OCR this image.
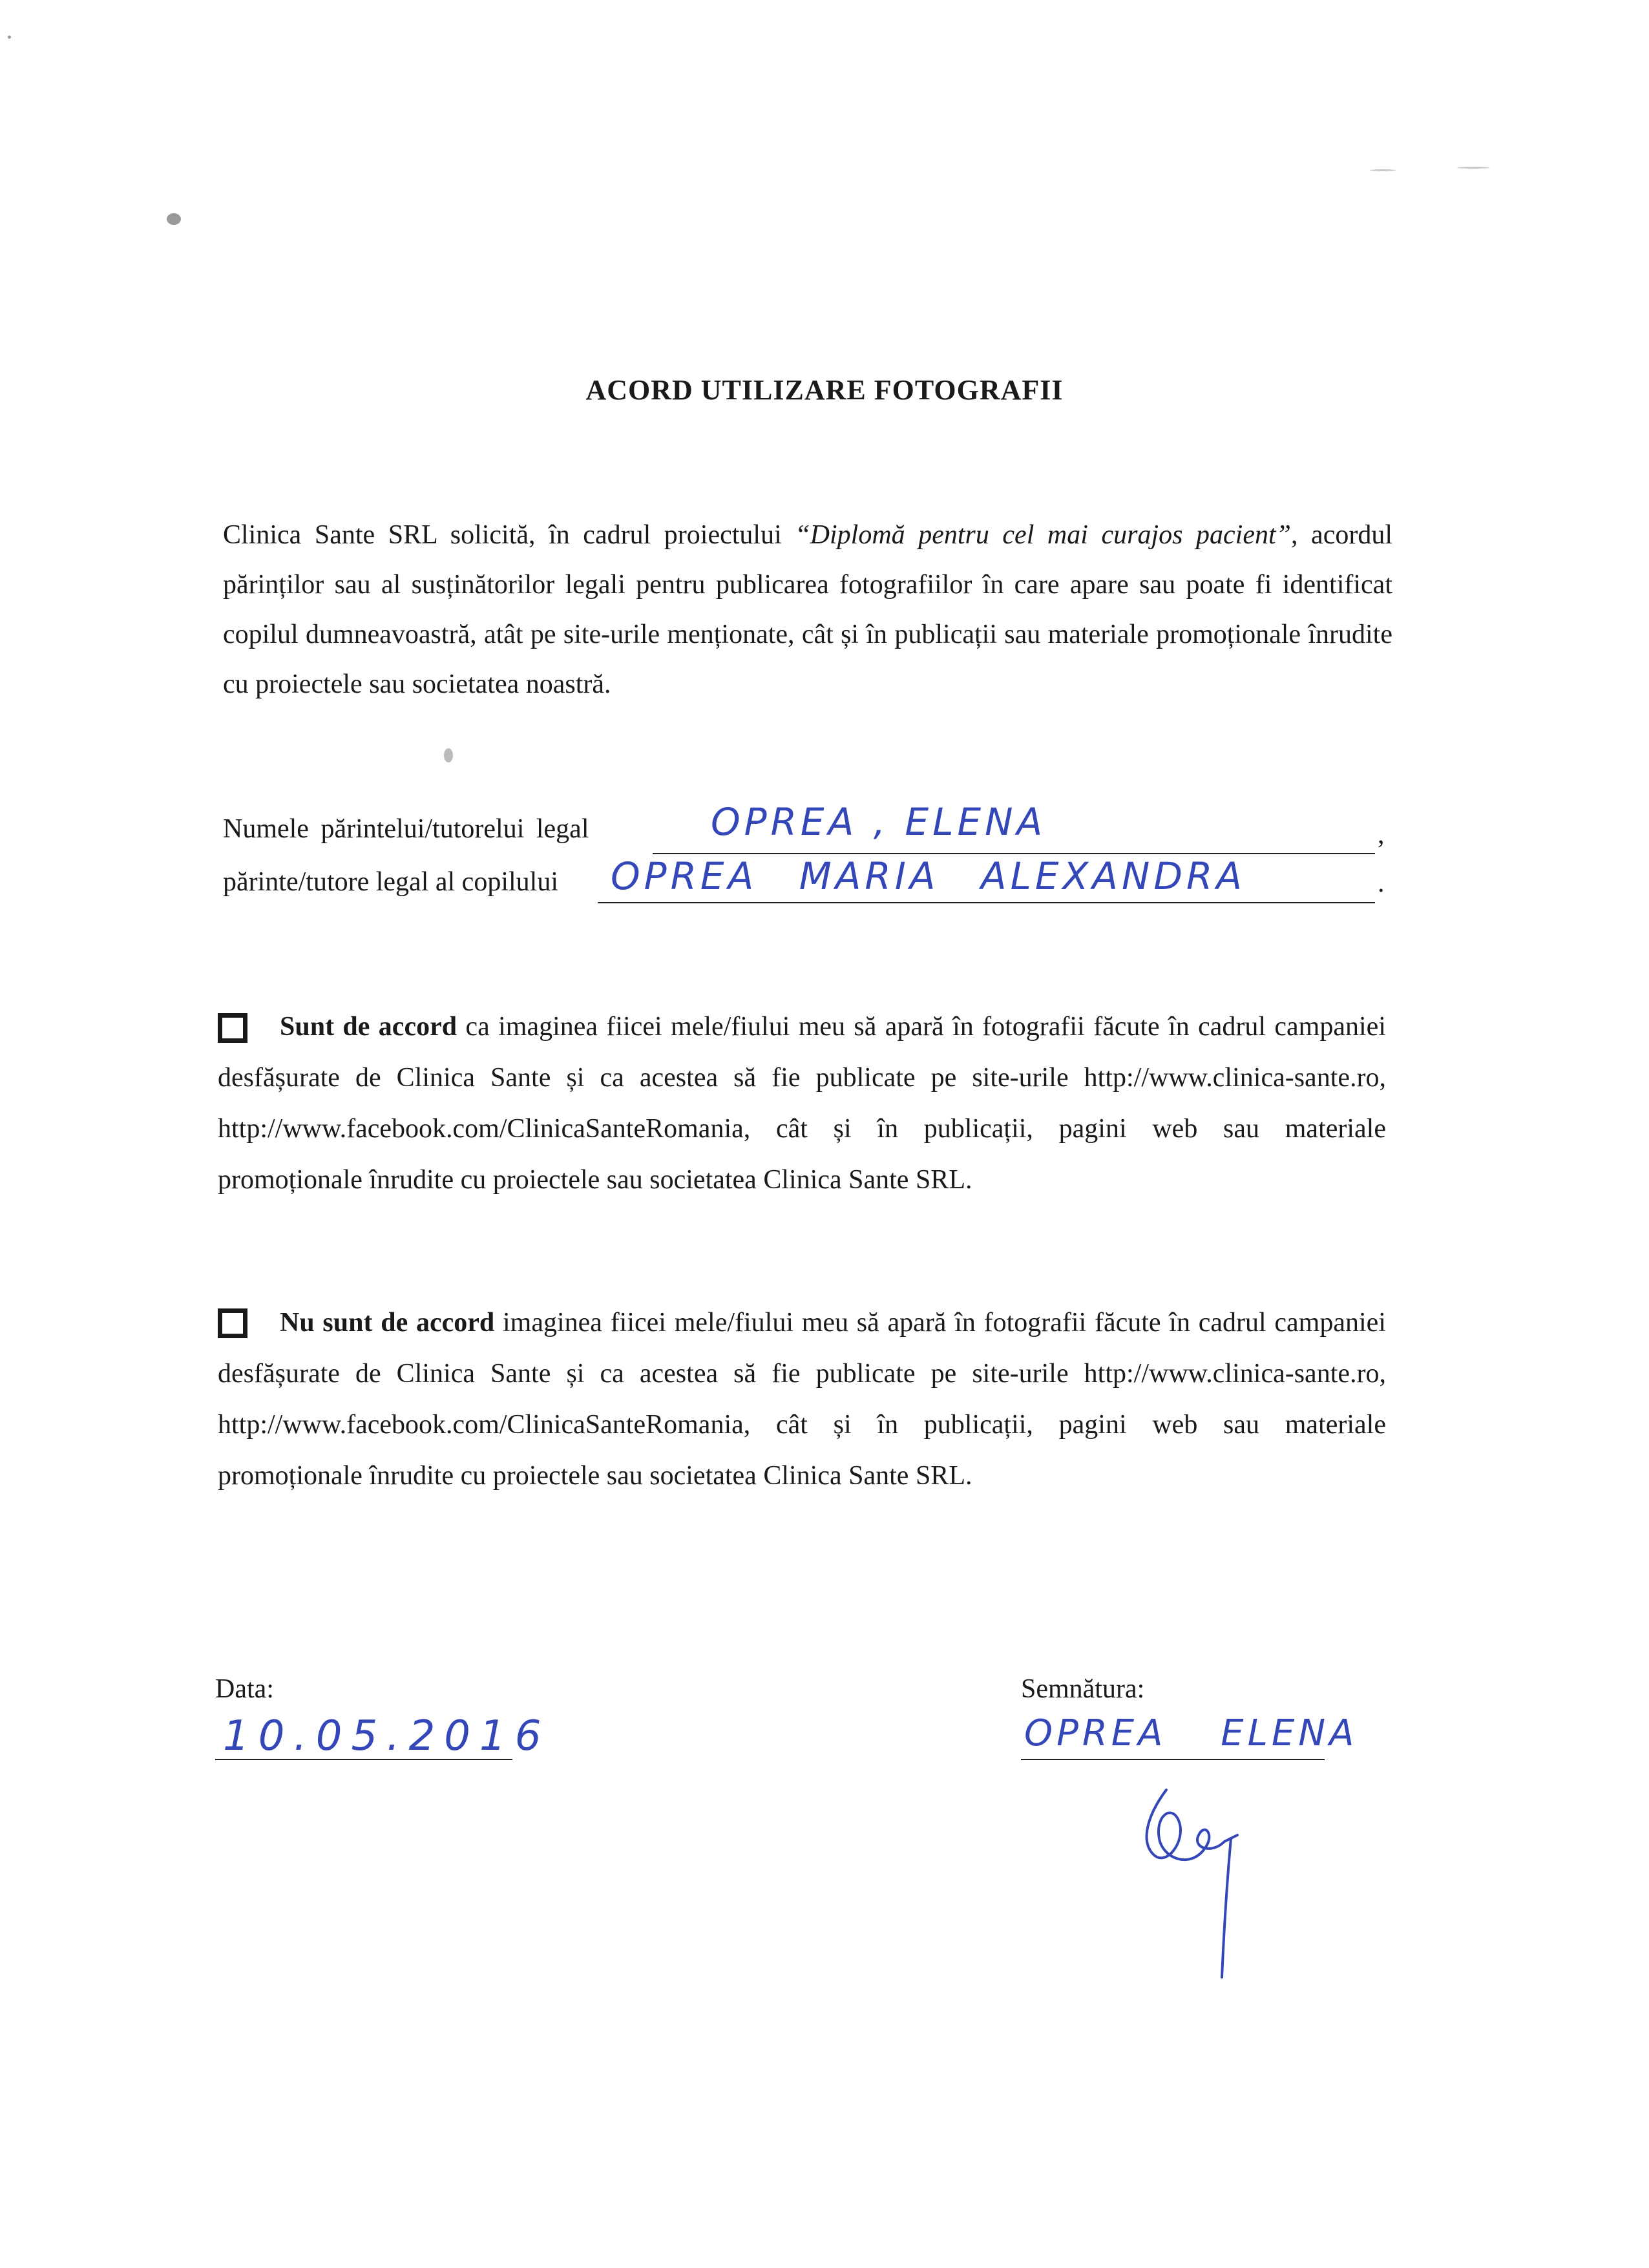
ACORD UTILIZARE FOTOGRAFII
Clinica Sante SRL solicită, în cadrul proiectului “Diplomă pentru cel mai curajos pacient”, acordul părinților sau al susținătorilor legali pentru publicarea fotografiilor în care apare sau poate fi identificat copilul dumneavoastră, atât pe site-urile menționate, cât și în publicații sau materiale promoționale înrudite cu proiectele sau societatea noastră.
Numele părintelui/tutorelui legal	OPREA , ELENA	,
părinte/tutore legal al copilului OPREA MARIA ALEXANDRA	.
Sunt de accord ca imaginea fiicei mele/fiului meu să apară în fotografii făcute în cadrul campaniei desfășurate de Clinica Sante și ca acestea să fie publicate pe site-urile http://www.clinica-sante.ro, http://www.facebook.com/ClinicaSanteRomania, cât și în publicații, pagini web sau materiale promoționale înrudite cu proiectele sau societatea Clinica Sante SRL.
Nu sunt de accord imaginea fiicei mele/fiului meu să apară în fotografii făcute în cadrul campaniei desfășurate de Clinica Sante și ca acestea să fie publicate pe site-urile http://www.clinica-sante.ro, http://www.facebook.com/ClinicaSanteRomania, cât și în publicații, pagini web sau materiale promoționale înrudite cu proiectele sau societatea Clinica Sante SRL.
Data:
10.05.2016
Semnătura:
OPREA ELENA
